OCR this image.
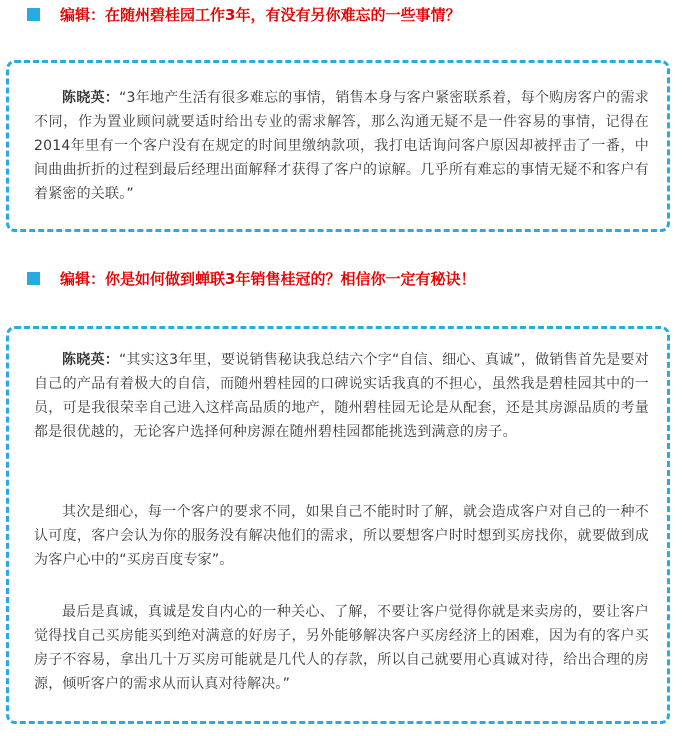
编辑：在随州碧桂园工作3年，有没有另你难忘的一些事情？
陈晓英：“3年地产生活有很多难忘的事情，销售本身与客户紧密联系着，每个购房客户的需求不同，作为置业顾问就要适时给出专业的需求解答，那么沟通无疑不是一件容易的事情，记得在2014年里有一个客户没有在规定的时间里缴纳款项，我打电话询问客户原因却被抨击了一番，中间曲曲折折的过程到最后经理出面解释才获得了客户的谅解。几乎所有难忘的事情无疑不和客户有着紧密的关联。”
编辑：你是如何做到蝉联3年销售桂冠的？相信你一定有秘诀！
陈晓英：“其实这3年里，要说销售秘诀我总结六个字“自信、细心、真诚”，做销售首先是要对自己的产品有着极大的自信，而随州碧桂园的口碑说实话我真的不担心，虽然我是碧桂园其中的一员，可是我很荣幸自己进入这样高品质的地产，随州碧桂园无论是从配套，还是其房源品质的考量都是很优越的，无论客户选择何种房源在随州碧桂园都能挑选到满意的房子。
其次是细心，每一个客户的要求不同，如果自己不能时时了解，就会造成客户对自己的一种不认可度，客户会认为你的服务没有解决他们的需求，所以要想客户时时想到买房找你，就要做到成为客户心中的“买房百度专家”。
最后是真诚，真诚是发自内心的一种关心、了解，不要让客户觉得你就是来卖房的，要让客户觉得找自己买房能买到绝对满意的好房子，另外能够解决客户买房经济上的困难，因为有的客户买房子不容易，拿出几十万买房可能就是几代人的存款，所以自己就要用心真诚对待，给出合理的房源，倾听客户的需求从而认真对待解决。”
